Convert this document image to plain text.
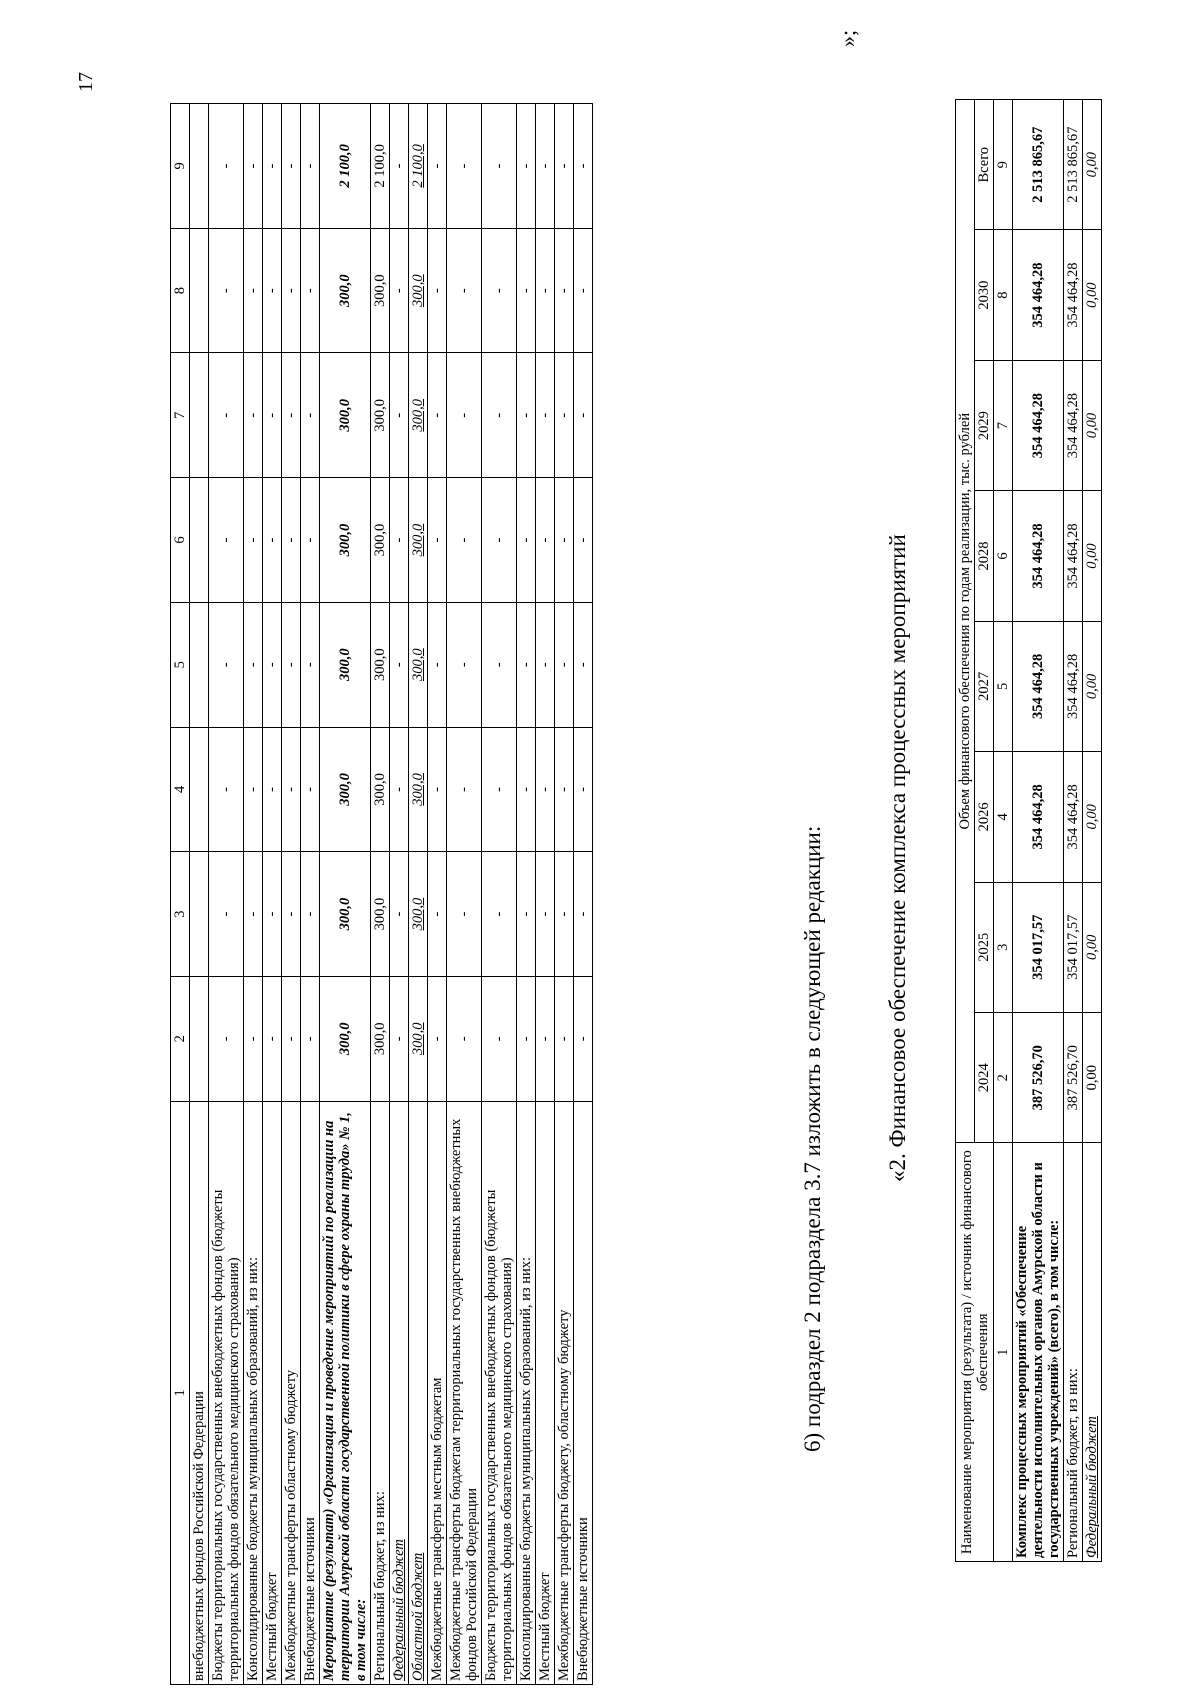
17
1	2	3	4	5	6	7	8	9
внебюджетных фондов Российской Федерации								
Бюджеты территориальных государственных внебюджетных фондов (бюджеты территориальных фондов обязательного медицинского страхования)	-	-	-	-	-	-	-	-
Консолидированные бюджеты муниципальных образований, из них:	-	-	-	-	-	-	-	-
Местный бюджет	-	-	-	-	-	-	-	-
Межбюджетные трансферты областному бюджету	-	-	-	-	-	-	-	-
Внебюджетные источники	-	-	-	-	-	-	-	-
Мероприятие (результат) «Организация и проведение мероприятий по реализации на территории Амурской области государственной политики в сфере охраны труда» № 1, в том числе:	300,0	300,0	300,0	300,0	300,0	300,0	300,0	2 100,0
Региональный бюджет, из них:	300,0	300,0	300,0	300,0	300,0	300,0	300,0	2 100,0
Федеральный бюджет	-	-	-	-	-	-	-	-
Областной бюджет	300,0	300,0	300,0	300,0	300,0	300,0	300,0	2 100,0
Межбюджетные трансферты местным бюджетам	-	-	-	-	-	-	-	-
Межбюджетные трансферты бюджетам территориальных государственных внебюджетных фондов Российской Федерации	-	-	-	-	-	-	-	-
Бюджеты территориальных государственных внебюджетных фондов (бюджеты территориальных фондов обязательного медицинского страхования)	-	-	-	-	-	-	-	-
Консолидированные бюджеты муниципальных образований, из них:	-	-	-	-	-	-	-	-
Местный бюджет	-	-	-	-	-	-	-	-
Межбюджетные трансферты бюджету, областному бюджету	-	-	-	-	-	-	-	-
Внебюджетные источники	-	-	-	-	-	-	-	-
»;
6) подраздел 2 подраздела 3.7 изложить в следующей редакции:	«2. Финансовое обеспечение комплекса процессных мероприятий
Наименование мероприятия (результата) / источник финансового обеспечения	Объем финансового обеспечения по годам реализации, тыс. рублей							
	2024	2025	2026	2027	2028	2029	2030	Всего
1	2	3	4	5	6	7	8	9
Комплекс процессных мероприятий «Обеспечение деятельности исполнительных органов Амурской области и государственных учреждений» (всего), в том числе:	387 526,70	354 017,57	354 464,28	354 464,28	354 464,28	354 464,28	354 464,28	2 513 865,67
Региональный бюджет, из них:	387 526,70	354 017,57	354 464,28	354 464,28	354 464,28	354 464,28	354 464,28	2 513 865,67
Федеральный бюджет	0,00	0,00	0,00	0,00	0,00	0,00	0,00	0,00
